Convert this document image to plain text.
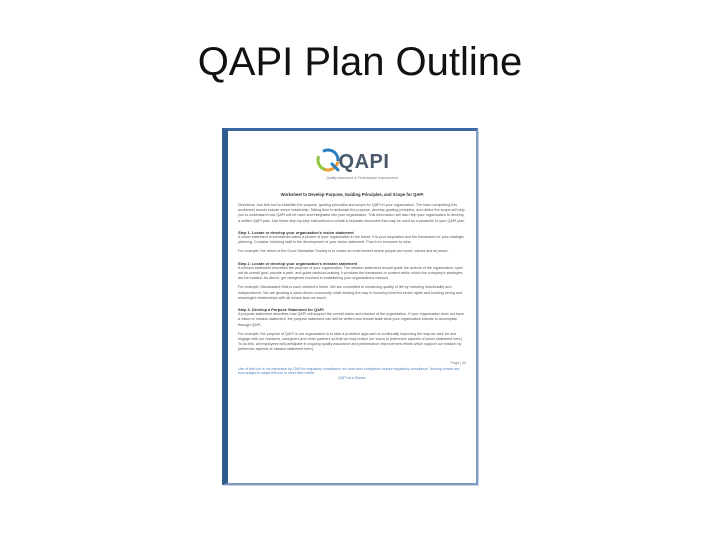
QAPI Plan Outline
QAPI
Quality Assurance & Performance Improvement
Worksheet to Develop Purpose, Guiding Principles, and Scope for QAPI
Directions: Use this tool to establish the purpose, guiding principles and scope for QAPI in your organization. The team completing this worksheet should include senior leadership. Taking time to articulate the purpose, develop guiding principles, and define the scope will help you to understand how QAPI will be used and integrated into your organization. This information will also help your organization to develop a written QAPI plan. Use these step-by-step instructions to create a separate document that may be used as a preamble to your QAPI plan.
Step 1. Locate or develop your organization's vision statement
A vision statement is sometimes called a picture of your organization in the future; it is your inspiration and the framework for your strategic planning. Consider involving staff in the development of your vision statement. Post it for everyone to view.
For example, the vision of the Good Samaritan Society is to create an environment where people are loved, valued and at peace.
Step 2. Locate or develop your organization's mission statement
A mission statement describes the purpose of your organization. The mission statement should guide the actions of the organization, spell out its overall goal, provide a path, and guide decision-making. It provides the framework or context within which the company's strategies are formulated. As above, get caregivers involved in establishing your organizations mission.
For example, Meadowlark Hills is each resident's home. We are committed to enhancing quality of life by nurturing individuality and independence. We are growing a value-driven community while leading the way in honoring inherent senior rights and building strong and meaningful relationships with all whose lives we touch.
Step 3. Develop a Purpose Statement for QAPI
A purpose statement describes how QAPI will support the overall vision and mission of the organization. If your organization does not have a vision or mission statement, the purpose statement can still be written and should state what your organization intends to accomplish through QAPI.
For example, the purpose of QAPI in our organization is to take a proactive approach to continually improving the way we care for and engage with our residents, caregivers and other partners so that we may realize our vision to [reference aspects of vision statement here]. To do this, all employees will participate in ongoing quality assurance and performance improvement efforts which support our mission by [reference aspects of mission statement here].
Page | 40
Use of this tool is not mandated by CMS for regulatory compliance nor does their completion ensure regulatory compliance. Nursing homes are encouraged to adapt this tool to meet their needs.
QAPI at a Glance
